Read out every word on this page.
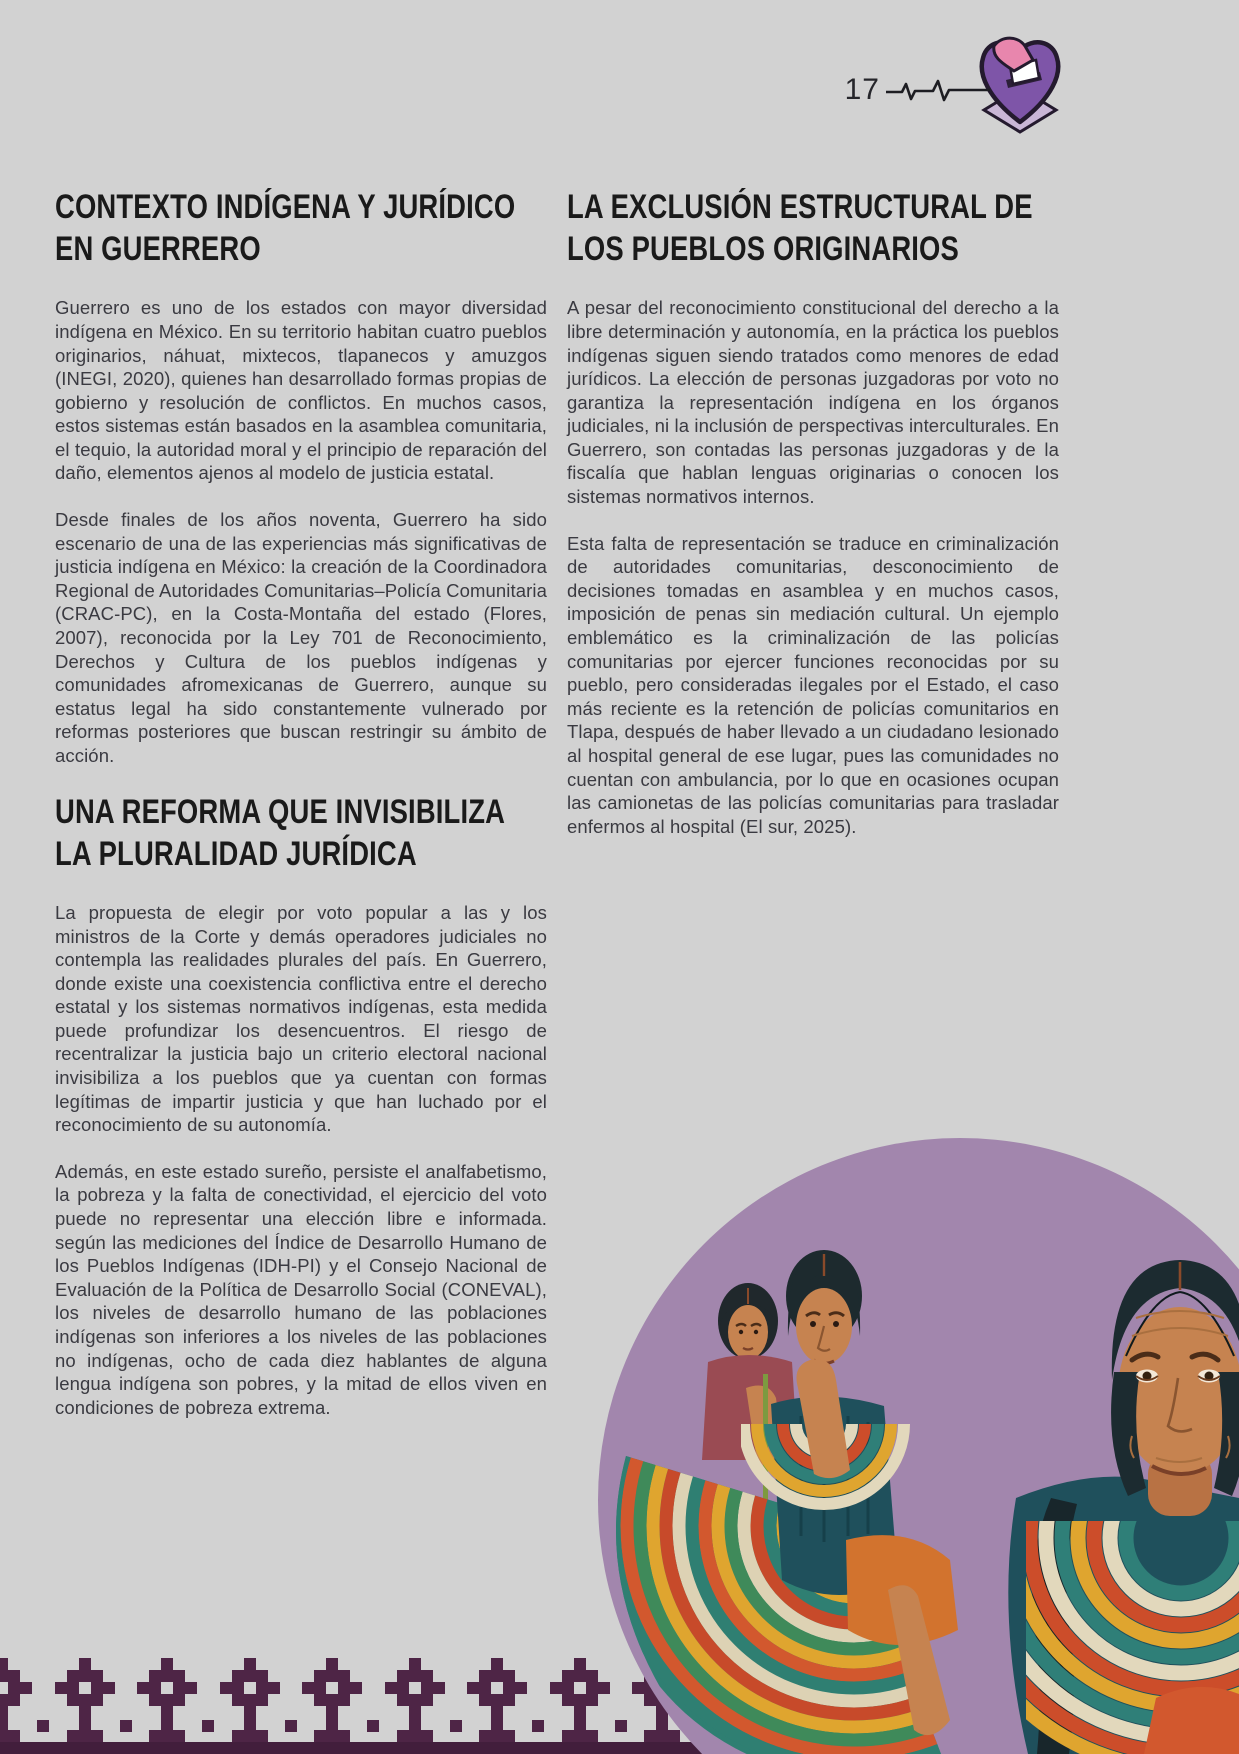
17
CONTEXTO INDÍGENA Y JURÍDICO EN GUERRERO

Guerrero es uno de los estados con mayor diversidad indígena en México. En su territorio habitan cuatro pueblos originarios, náhuat, mixtecos, tlapanecos y amuzgos (INEGI, 2020), quienes han desarrollado formas propias de gobierno y resolución de conflictos. En muchos casos, estos sistemas están basados en la asamblea comunitaria, el tequio, la autoridad moral y el principio de reparación del daño, elementos ajenos al modelo de justicia estatal.

Desde finales de los años noventa, Guerrero ha sido escenario de una de las experiencias más significativas de justicia indígena en México: la creación de la Coordinadora Regional de Autoridades Comunitarias–Policía Comunitaria (CRAC-PC), en la Costa-Montaña del estado (Flores, 2007), reconocida por la Ley 701 de Reconocimiento, Derechos y Cultura de los pueblos indígenas y comunidades afromexicanas de Guerrero, aunque su estatus legal ha sido constantemente vulnerado por reformas posteriores que buscan restringir su ámbito de acción.

UNA REFORMA QUE INVISIBILIZA LA PLURALIDAD JURÍDICA

La propuesta de elegir por voto popular a las y los ministros de la Corte y demás operadores judiciales no contempla las realidades plurales del país. En Guerrero, donde existe una coexistencia conflictiva entre el derecho estatal y los sistemas normativos indígenas, esta medida puede profundizar los desencuentros. El riesgo de recentralizar la justicia bajo un criterio electoral nacional invisibiliza a los pueblos que ya cuentan con formas legítimas de impartir justicia y que han luchado por el reconocimiento de su autonomía.

Además, en este estado sureño, persiste el analfabetismo, la pobreza y la falta de conectividad, el ejercicio del voto puede no representar una elección libre e informada. según las mediciones del Índice de Desarrollo Humano de los Pueblos Indígenas (IDH-PI) y el Consejo Nacional de Evaluación de la Política de Desarrollo Social (CONEVAL), los niveles de desarrollo humano de las poblaciones indígenas son inferiores a los niveles de las poblaciones no indígenas, ocho de cada diez hablantes de alguna lengua indígena son pobres, y la mitad de ellos viven en condiciones de pobreza extrema.

LA EXCLUSIÓN ESTRUCTURAL DE LOS PUEBLOS ORIGINARIOS

A pesar del reconocimiento constitucional del derecho a la libre determinación y autonomía, en la práctica los pueblos indígenas siguen siendo tratados como menores de edad jurídicos. La elección de personas juzgadoras por voto no garantiza la representación indígena en los órganos judiciales, ni la inclusión de perspectivas interculturales. En Guerrero, son contadas las personas juzgadoras y de la fiscalía que hablan lenguas originarias o conocen los sistemas normativos internos.

Esta falta de representación se traduce en criminalización de autoridades comunitarias, desconocimiento de decisiones tomadas en asamblea y en muchos casos, imposición de penas sin mediación cultural. Un ejemplo emblemático es la criminalización de las policías comunitarias por ejercer funciones reconocidas por su pueblo, pero consideradas ilegales por el Estado, el caso más reciente es la retención de policías comunitarios en Tlapa, después de haber llevado a un ciudadano lesionado al hospital general de ese lugar, pues las comunidades no cuentan con ambulancia, por lo que en ocasiones ocupan las camionetas de las policías comunitarias para trasladar enfermos al hospital (El sur, 2025).
